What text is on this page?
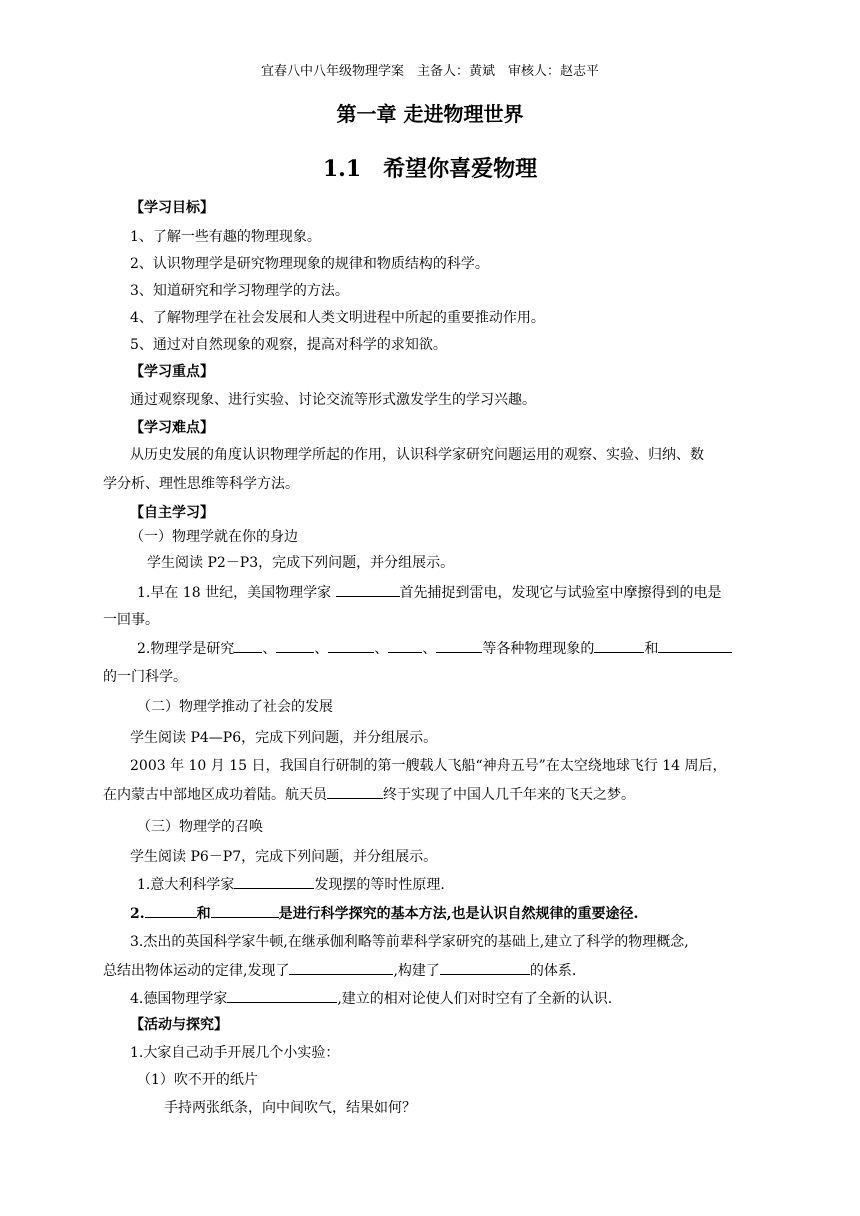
宜春八中八年级物理学案　主备人：黄斌　审核人：赵志平
第一章 走进物理世界
1.1　希望你喜爱物理
【学习目标】
1、了解一些有趣的物理现象。
2、认识物理学是研究物理现象的规律和物质结构的科学。
3、知道研究和学习物理学的方法。
4、了解物理学在社会发展和人类文明进程中所起的重要推动作用。
5、通过对自然现象的观察，提高对科学的求知欲。
【学习重点】
通过观察现象、进行实验、讨论交流等形式激发学生的学习兴趣。
【学习难点】
从历史发展的角度认识物理学所起的作用，认识科学家研究问题运用的观察、实验、归纳、数
学分析、理性思维等科学方法。
【自主学习】
（一）物理学就在你的身边
学生阅读 P2－P3，完成下列问题，并分组展示。
1.早在 18 世纪，美国物理学家	首先捕捉到雷电，发现它与试验室中摩擦得到的电是
一回事。
2.物理学是研究 、	、	、 、	等各种物理现象的	和
的一门科学。
（二）物理学推动了社会的发展
学生阅读 P4—P6，完成下列问题，并分组展示。
2003 年 10 月 15 日，我国自行研制的第一艘载人飞船“神舟五号”在太空绕地球飞行 14 周后，
在内蒙古中部地区成功着陆。航天员	终于实现了中国人几千年来的飞天之梦。
（三）物理学的召唤
学生阅读 P6－P7，完成下列问题，并分组展示。
1.意大利科学家	发现摆的等时性原理.
2.	和	是进行科学探究的基本方法,也是认识自然规律的重要途径.
3.杰出的英国科学家牛顿,在继承伽利略等前辈科学家研究的基础上,建立了科学的物理概念,
总结出物体运动的定律,发现了	,构建了	的体系.
4.德国物理学家	,建立的相对论使人们对时空有了全新的认识.
【活动与探究】
1.大家自己动手开展几个小实验：
（1）吹不开的纸片
手持两张纸条，向中间吹气，结果如何？
